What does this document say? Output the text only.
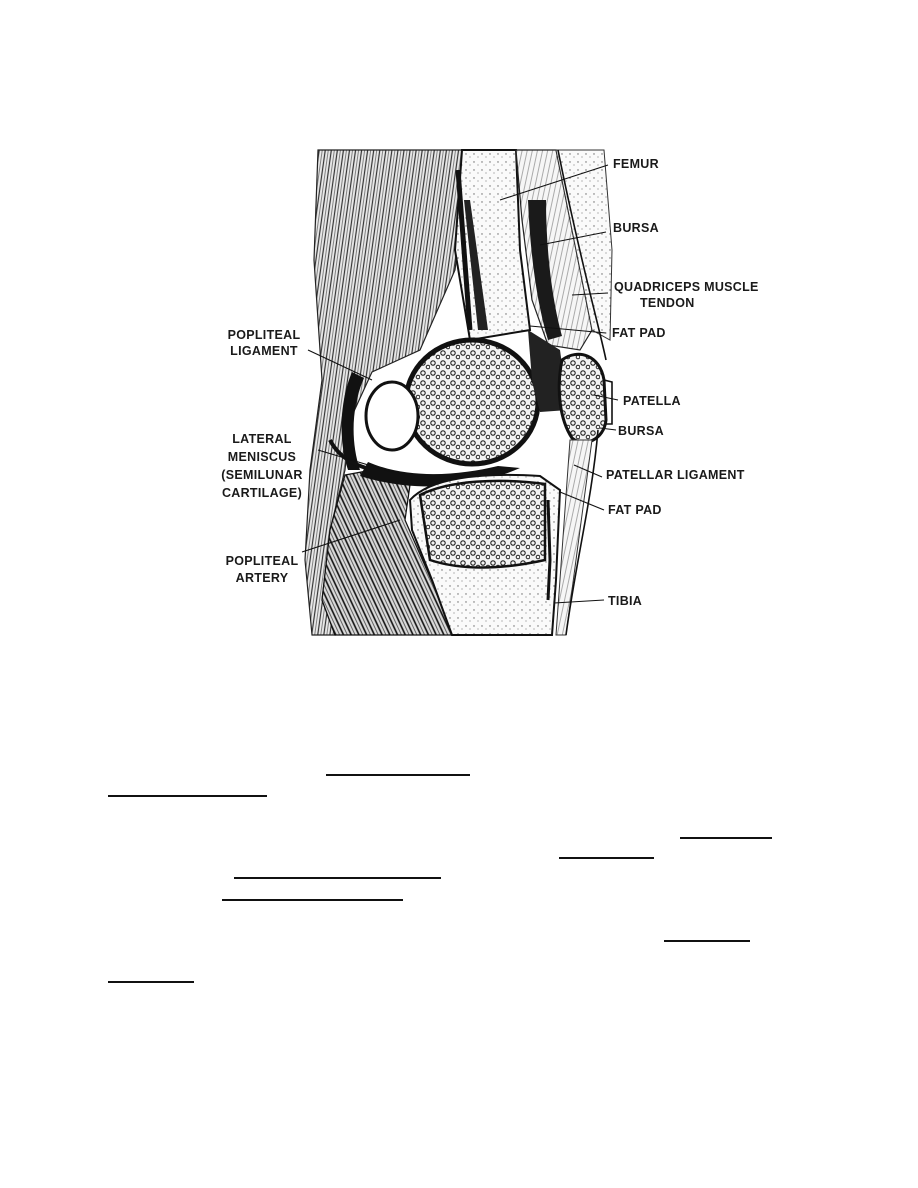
FEMUR
BURSA
QUADRICEPS MUSCLE
TENDON
FAT PAD
PATELLA
BURSA
PATELLAR LIGAMENT
FAT PAD
TIBIA
POPLITEAL
LIGAMENT
LATERAL
MENISCUS
(SEMILUNAR
CARTILAGE)
POPLITEAL
ARTERY
